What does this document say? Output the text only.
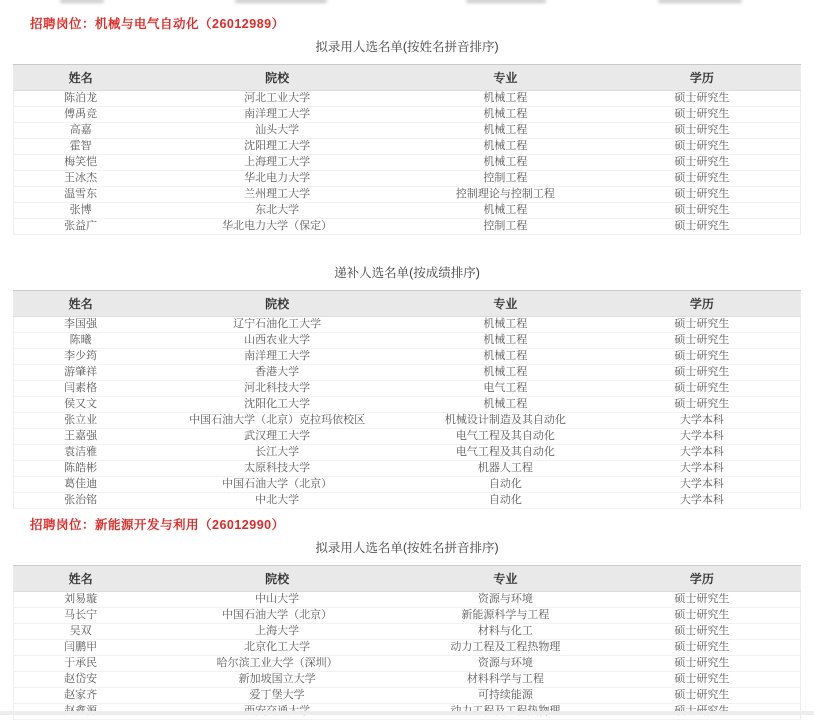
招聘岗位：机械与电气自动化（26012989）
拟录用人选名单(按姓名拼音排序)
姓名	院校	专业	学历
陈泊龙	河北工业大学	机械工程	硕士研究生
傅禹竞	南洋理工大学	机械工程	硕士研究生
高嘉	汕头大学	机械工程	硕士研究生
霍智	沈阳理工大学	机械工程	硕士研究生
梅笑恺	上海理工大学	机械工程	硕士研究生
王冰杰	华北电力大学	控制工程	硕士研究生
温雪东	兰州理工大学	控制理论与控制工程	硕士研究生
张博	东北大学	机械工程	硕士研究生
张益广	华北电力大学（保定）	控制工程	硕士研究生
递补人选名单(按成绩排序)
姓名	院校	专业	学历
李国强	辽宁石油化工大学	机械工程	硕士研究生
陈曦	山西农业大学	机械工程	硕士研究生
李少筠	南洋理工大学	机械工程	硕士研究生
游肇祥	香港大学	机械工程	硕士研究生
闫素格	河北科技大学	电气工程	硕士研究生
侯又文	沈阳化工大学	机械工程	硕士研究生
张立业	中国石油大学（北京）克拉玛依校区	机械设计制造及其自动化	大学本科
王嘉强	武汉理工大学	电气工程及其自动化	大学本科
袁洁雅	长江大学	电气工程及其自动化	大学本科
陈皓彬	太原科技大学	机器人工程	大学本科
葛佳迪	中国石油大学（北京）	自动化	大学本科
张治铭	中北大学	自动化	大学本科
招聘岗位：新能源开发与利用（26012990）
拟录用人选名单(按姓名拼音排序)
姓名	院校	专业	学历
刘易璇	中山大学	资源与环境	硕士研究生
马长宁	中国石油大学（北京）	新能源科学与工程	硕士研究生
吴双	上海大学	材料与化工	硕士研究生
闫鹏甲	北京化工大学	动力工程及工程热物理	硕士研究生
于承民	哈尔滨工业大学（深圳）	资源与环境	硕士研究生
赵岱安	新加坡国立大学	材料科学与工程	硕士研究生
赵家齐	爱丁堡大学	可持续能源	硕士研究生
